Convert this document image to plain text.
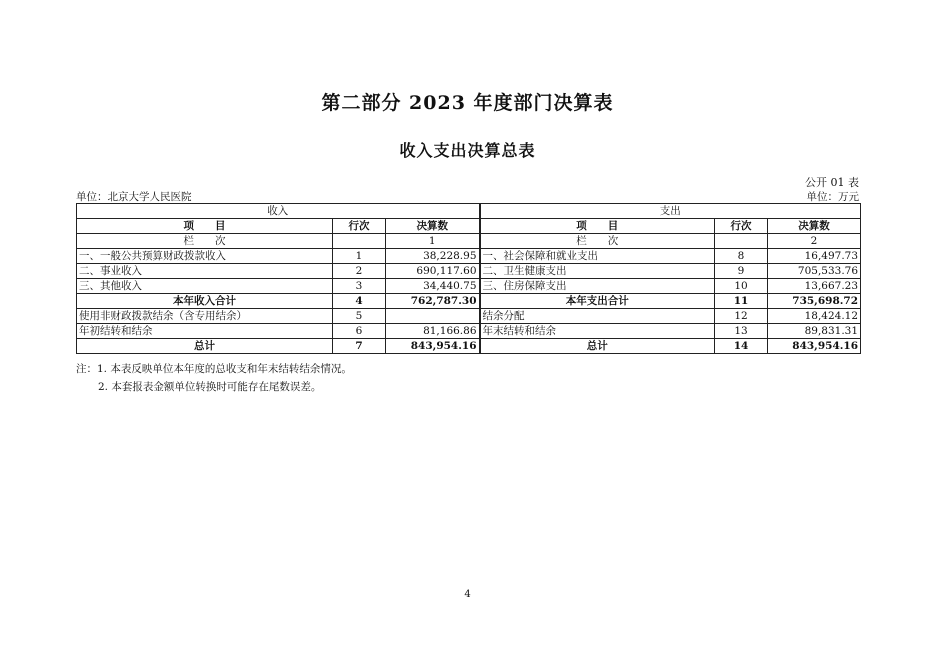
第二部分 2023 年度部门决算表
收入支出决算总表
公开 01 表
单位：北京大学人民医院	单位：万元
收入			支出		
项　　目	行次	决算数	项　　目	行次	决算数
栏　　次		1	栏　　次		2
一、一般公共预算财政拨款收入	1	38,228.95	一、社会保障和就业支出	8	16,497.73
二、事业收入	2	690,117.60	二、卫生健康支出	9	705,533.76
三、其他收入	3	34,440.75	三、住房保障支出	10	13,667.23
本年收入合计	4	762,787.30	本年支出合计	11	735,698.72
使用非财政拨款结余（含专用结余）	5		结余分配	12	18,424.12
年初结转和结余	6	81,166.86	年末结转和结余	13	89,831.31
总计	7	843,954.16	总计	14	843,954.16
注：1. 本表反映单位本年度的总收支和年末结转结余情况。
2. 本套报表金额单位转换时可能存在尾数误差。
4
